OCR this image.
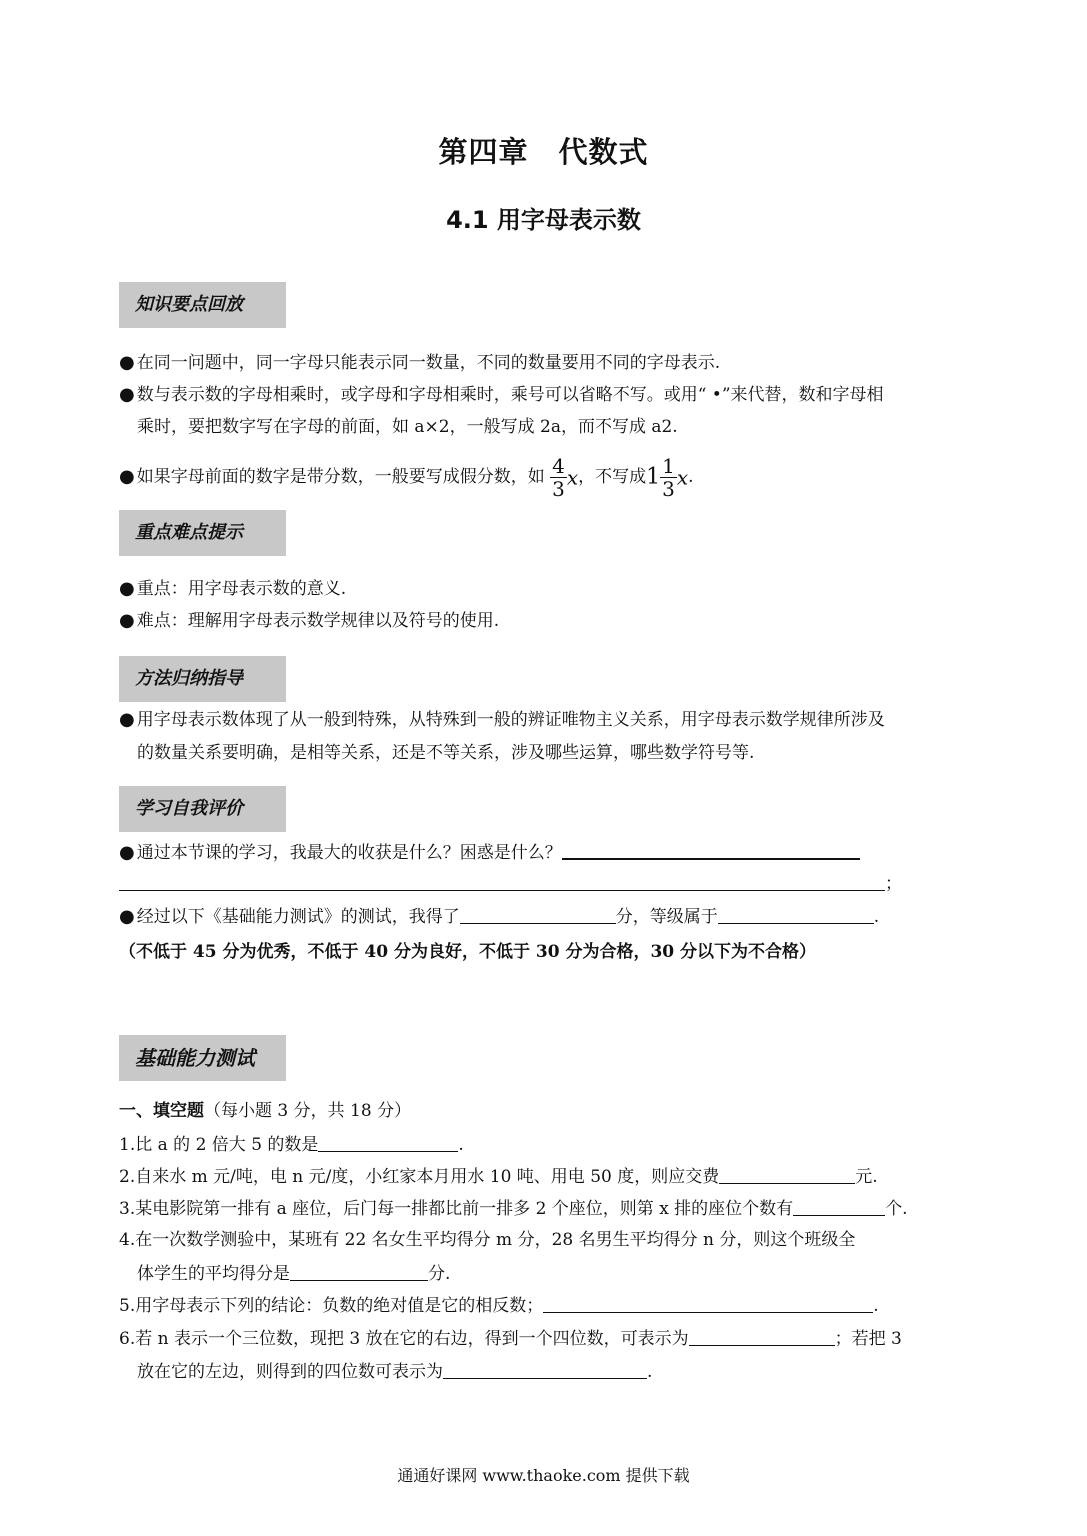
第四章　代数式
4.1 用字母表示数
知识要点回放
● 在同一问题中，同一字母只能表示同一数量，不同的数量要用不同的字母表示.
● 数与表示数的字母相乘时，或字母和字母相乘时，乘号可以省略不写。或用“ •”来代替，数和字母相
乘时，要把数字写在字母的前面，如 a×2，一般写成 2a，而不写成 a2.
● 如果字母前面的数字是带分数，一般要写成假分数，如 $\frac{4}{3}$ x，不写成$1 \frac{1}{3} x$.
重点难点提示
● 重点：用字母表示数的意义.
● 难点：理解用字母表示数学规律以及符号的使用.
方法归纳指导
● 用字母表示数体现了从一般到特殊，从特殊到一般的辨证唯物主义关系，用字母表示数学规律所涉及
的数量关系要明确，是相等关系，还是不等关系，涉及哪些运算，哪些数学符号等.
学习自我评价
● 通过本节课的学习，我最大的收获是什么？困惑是什么？
；
● 经过以下《基础能力测试》的测试，我得了	分，等级属于	.
（不低于 45 分为优秀，不低于 40 分为良好，不低于 30 分为合格，30 分以下为不合格）
基础能力测试
一、填空题（每小题 3 分，共 18 分）
1.比 a 的 2 倍大 5 的数是	.
2.自来水 m 元/吨，电 n 元/度，小红家本月用水 10 吨、用电 50 度，则应交费	元.
3.某电影院第一排有 a 座位，后门每一排都比前一排多 2 个座位，则第 x 排的座位个数有	个.
4.在一次数学测验中，某班有 22 名女生平均得分 m 分，28 名男生平均得分 n 分，则这个班级全
体学生的平均得分是	分.
5.用字母表示下列的结论：负数的绝对值是它的相反数；	.
6.若 n 表示一个三位数，现把 3 放在它的右边，得到一个四位数，可表示为	；若把 3
放在它的左边，则得到的四位数可表示为	.
通通好课网 www.thaoke.com 提供下载
